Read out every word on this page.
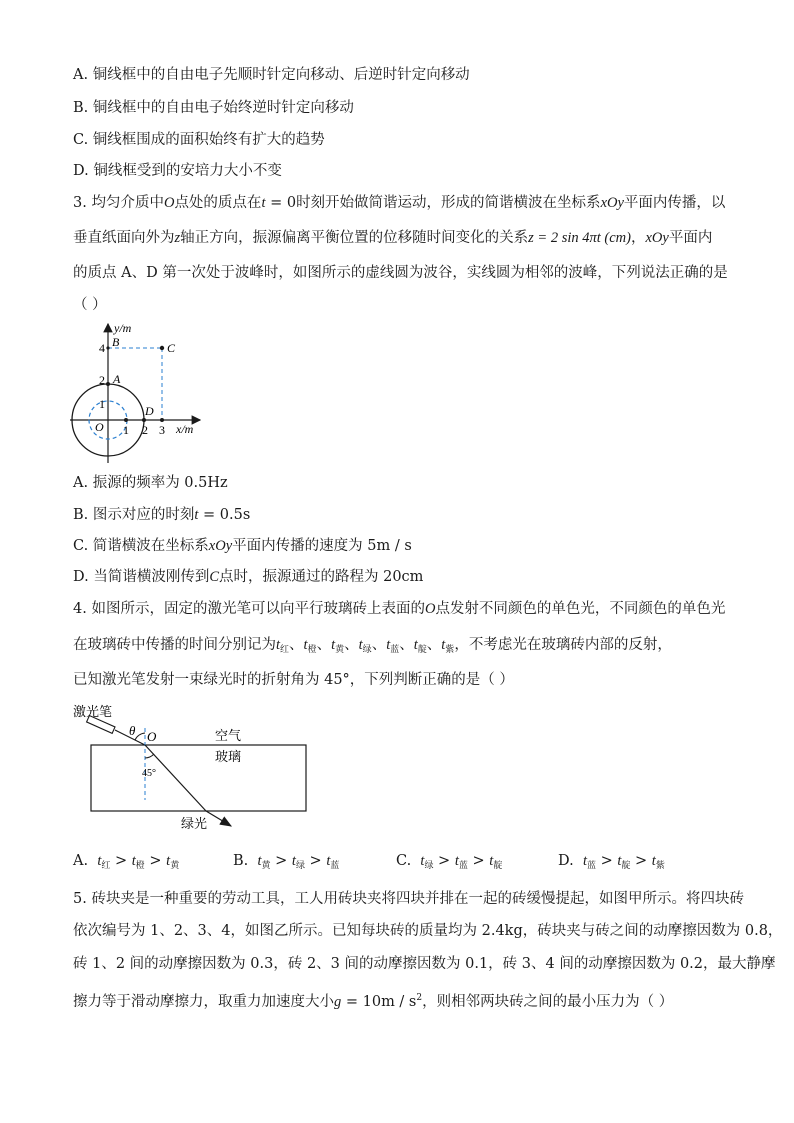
A. 铜线框中的自由电子先顺时针定向移动、后逆时针定向移动
B. 铜线框中的自由电子始终逆时针定向移动
C. 铜线框围成的面积始终有扩大的趋势
D. 铜线框受到的安培力大小不变
3. 均匀介质中O点处的质点在t = 0时刻开始做简谐运动，形成的简谐横波在坐标系xOy平面内传播，以
垂直纸面向外为z轴正方向，振源偏离平衡位置的位移随时间变化的关系z = 2 sin 4πt (cm)，xOy平面内
的质点 A、D 第一次处于波峰时，如图所示的虚线圆为波谷，实线圆为相邻的波峰，下列说法正确的是
（ ）
y/m
x/m
4
2
1
1 2 3
O
A
B	C
D
A. 振源的频率为 0.5Hz
B. 图示对应的时刻t = 0.5s
C. 简谐横波在坐标系xOy平面内传播的速度为 5m / s
D. 当简谐横波刚传到C点时，振源通过的路程为 20cm
4. 如图所示，固定的激光笔可以向平行玻璃砖上表面的O点发射不同颜色的单色光，不同颜色的单色光
在玻璃砖中传播的时间分别记为$t_红$、$t_橙$、$t_黄$、$t_绿$、$t_蓝$、$t_靛$、$t_紫$，不考虑光在玻璃砖内部的反射，
已知激光笔发射一束绿光时的折射角为 45°，下列判断正确的是（ ）
激光笔
θ O	空气
玻璃
45°
绿光
A. $t_红 > t_橙 > t_黄$	B. $t_黄 > t_绿 > t_蓝$	C. $t_绿 > t_蓝 > t_靛$	D. $t_蓝 > t_靛 > t_紫$
5. 砖块夹是一种重要的劳动工具，工人用砖块夹将四块并排在一起的砖缓慢提起，如图甲所示。将四块砖
依次编号为 1、2、3、4，如图乙所示。已知每块砖的质量均为 2.4kg，砖块夹与砖之间的动摩擦因数为 0.8，
砖 1、2 间的动摩擦因数为 0.3，砖 2、3 间的动摩擦因数为 0.1，砖 3、4 间的动摩擦因数为 0.2，最大静摩
擦力等于滑动摩擦力，取重力加速度大小$g = 10m / s^2$，则相邻两块砖之间的最小压力为（ ）
